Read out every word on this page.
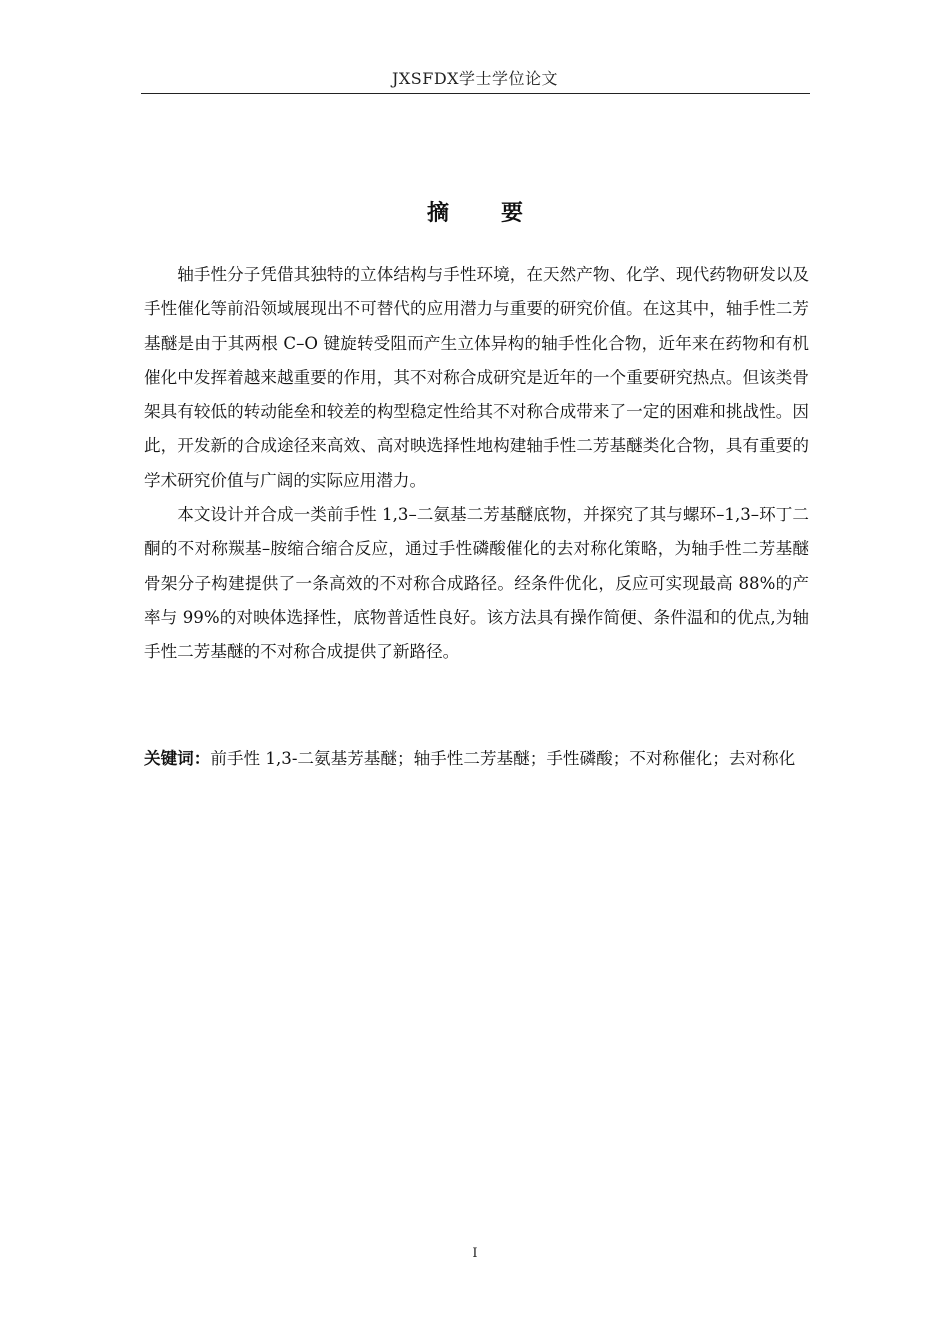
JXSFDX学士学位论文
摘 要

轴手性分子凭借其独特的立体结构与手性环境，在天然产物、化学、现代药物研发以及手性催化等前沿领域展现出不可替代的应用潜力与重要的研究价值。在这其中，轴手性二芳基醚是由于其两根 C–O 键旋转受阻而产生立体异构的轴手性化合物，近年来在药物和有机催化中发挥着越来越重要的作用，其不对称合成研究是近年的一个重要研究热点。但该类骨架具有较低的转动能垒和较差的构型稳定性给其不对称合成带来了一定的困难和挑战性。因此，开发新的合成途径来高效、高对映选择性地构建轴手性二芳基醚类化合物，具有重要的学术研究价值与广阔的实际应用潜力。

本文设计并合成一类前手性 1,3–二氨基二芳基醚底物，并探究了其与螺环–1,3–环丁二酮的不对称羰基–胺缩合缩合反应，通过手性磷酸催化的去对称化策略，为轴手性二芳基醚骨架分子构建提供了一条高效的不对称合成路径。经条件优化，反应可实现最高 88%的产率与 99%的对映体选择性，底物普适性良好。该方法具有操作简便、条件温和的优点,为轴手性二芳基醚的不对称合成提供了新路径。

关键词：前手性 1,3-二氨基芳基醚；轴手性二芳基醚；手性磷酸；不对称催化；去对称化
I
